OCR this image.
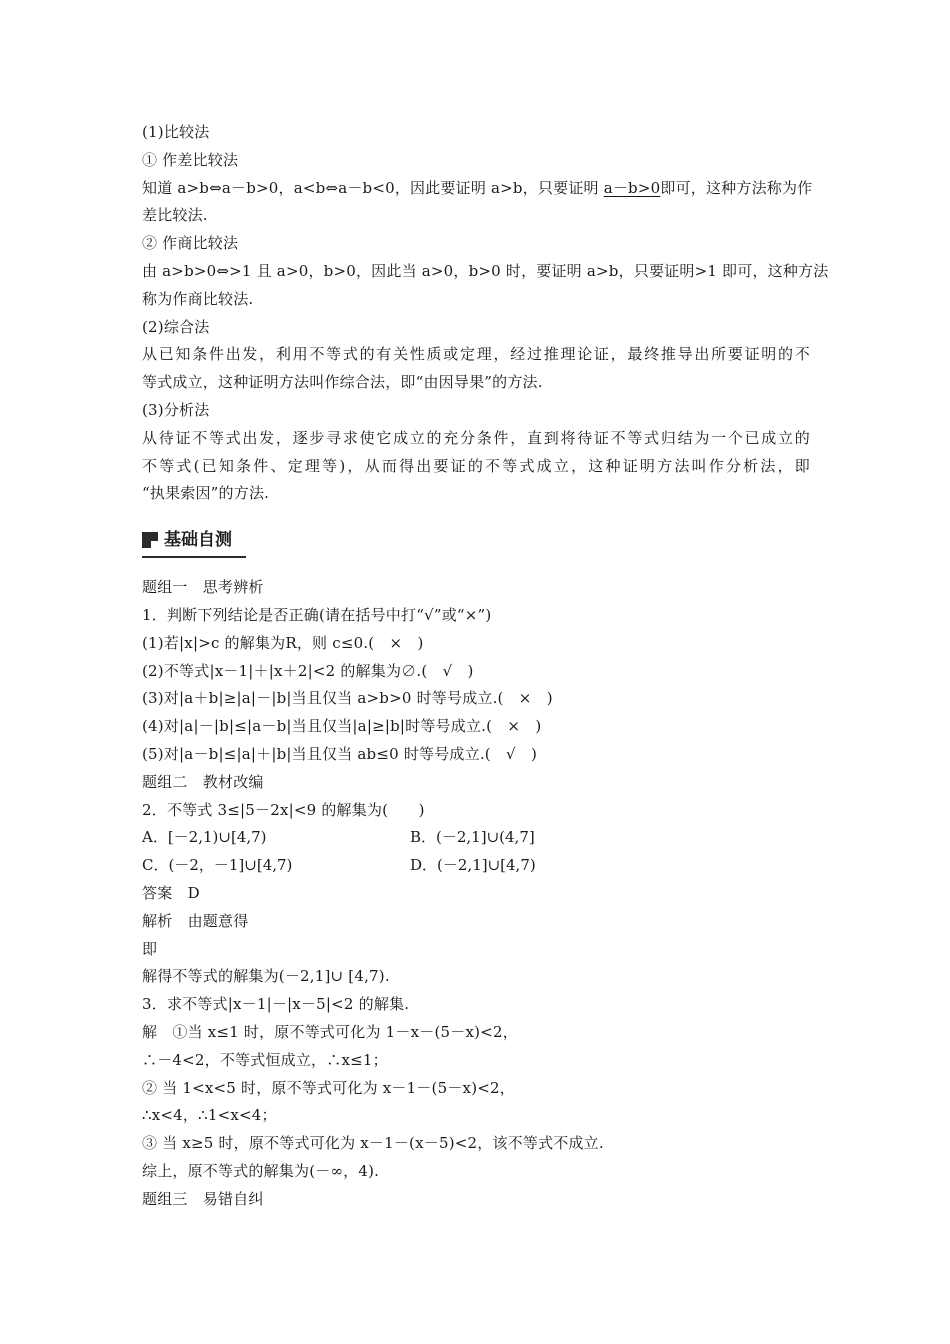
(1)比较法
① 作差比较法
知道 a>b⇔a－b>0，a<b⇔a－b<0，因此要证明 a>b，只要证明 a－b>0即可，这种方法称为作
差比较法.
② 作商比较法
由 a>b>0⇔>1 且 a>0，b>0，因此当 a>0，b>0 时，要证明 a>b，只要证明>1 即可，这种方法
称为作商比较法.
(2)综合法
从已知条件出发，利用不等式的有关性质或定理，经过推理论证，最终推导出所要证明的不
等式成立，这种证明方法叫作综合法，即“由因导果”的方法.
(3)分析法
从待证不等式出发，逐步寻求使它成立的充分条件，直到将待证不等式归结为一个已成立的
不等式(已知条件、定理等)，从而得出要证的不等式成立，这种证明方法叫作分析法，即
“执果索因”的方法.
基础自测
题组一　思考辨析
1．判断下列结论是否正确(请在括号中打“√”或“×”)
(1)若|x|>c 的解集为R，则 c≤0.(　×　)
(2)不等式|x－1|＋|x＋2|<2 的解集为∅.(　√　)
(3)对|a＋b|≥|a|－|b|当且仅当 a>b>0 时等号成立.(　×　)
(4)对|a|－|b|≤|a－b|当且仅当|a|≥|b|时等号成立.(　×　)
(5)对|a－b|≤|a|＋|b|当且仅当 ab≤0 时等号成立.(　√　)
题组二　教材改编
2．不等式 3≤|5－2x|<9 的解集为(　　)
A．[－2,1)∪[4,7)	B．(－2,1]∪(4,7]
C．(－2，－1]∪[4,7)	D．(－2,1]∪[4,7)
答案　D
解析　由题意得
即
解得不等式的解集为(－2,1]∪ [4,7).
3．求不等式|x－1|－|x－5|<2 的解集.
解　①当 x≤1 时，原不等式可化为 1－x－(5－x)<2，
∴－4<2，不等式恒成立，∴x≤1；
② 当 1<x<5 时，原不等式可化为 x－1－(5－x)<2，
∴x<4，∴1<x<4；
③ 当 x≥5 时，原不等式可化为 x－1－(x－5)<2，该不等式不成立.
综上，原不等式的解集为(－∞，4).
题组三　易错自纠
